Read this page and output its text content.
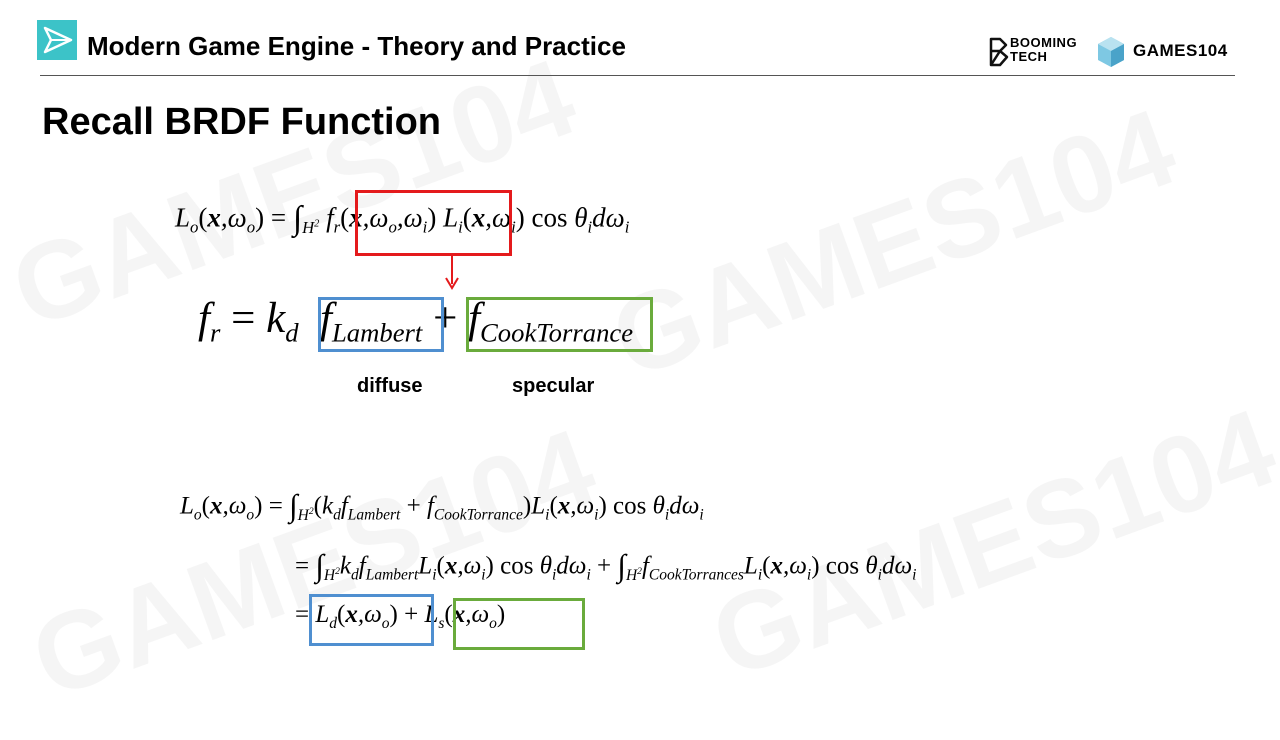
Modern Game Engine - Theory and Practice	BOOMING
TECH	GAMES104
Recall BRDF Function
$L_o(x,\omega_o) = \int_{H^2}$ $f_r(x,\omega_o,\omega_i)$ $L_i(x,\omega_i)$ $\cos \theta_id\omega_i$
$f_r = k_d$  $f_{Lambert} + f_{CookTorrance}$
diffuse	specular
$L_o(x,\omega_o) = \int_{H^2}(k_df_{Lambert} + f_{CookTorrance})L_i(x,\omega_i)$ $\cos \theta_id\omega_i$
= $\int_{H^2}k_df_{Lambert}L_i(x,\omega_i)$ $\cos \theta_id\omega_i + \int_{H^2}f_{CookTorrances}L_i(x,\omega_i)$ $\cos \theta_id\omega_i$
= $L_d(x,\omega_o) + L_s(x,\omega_o)$
